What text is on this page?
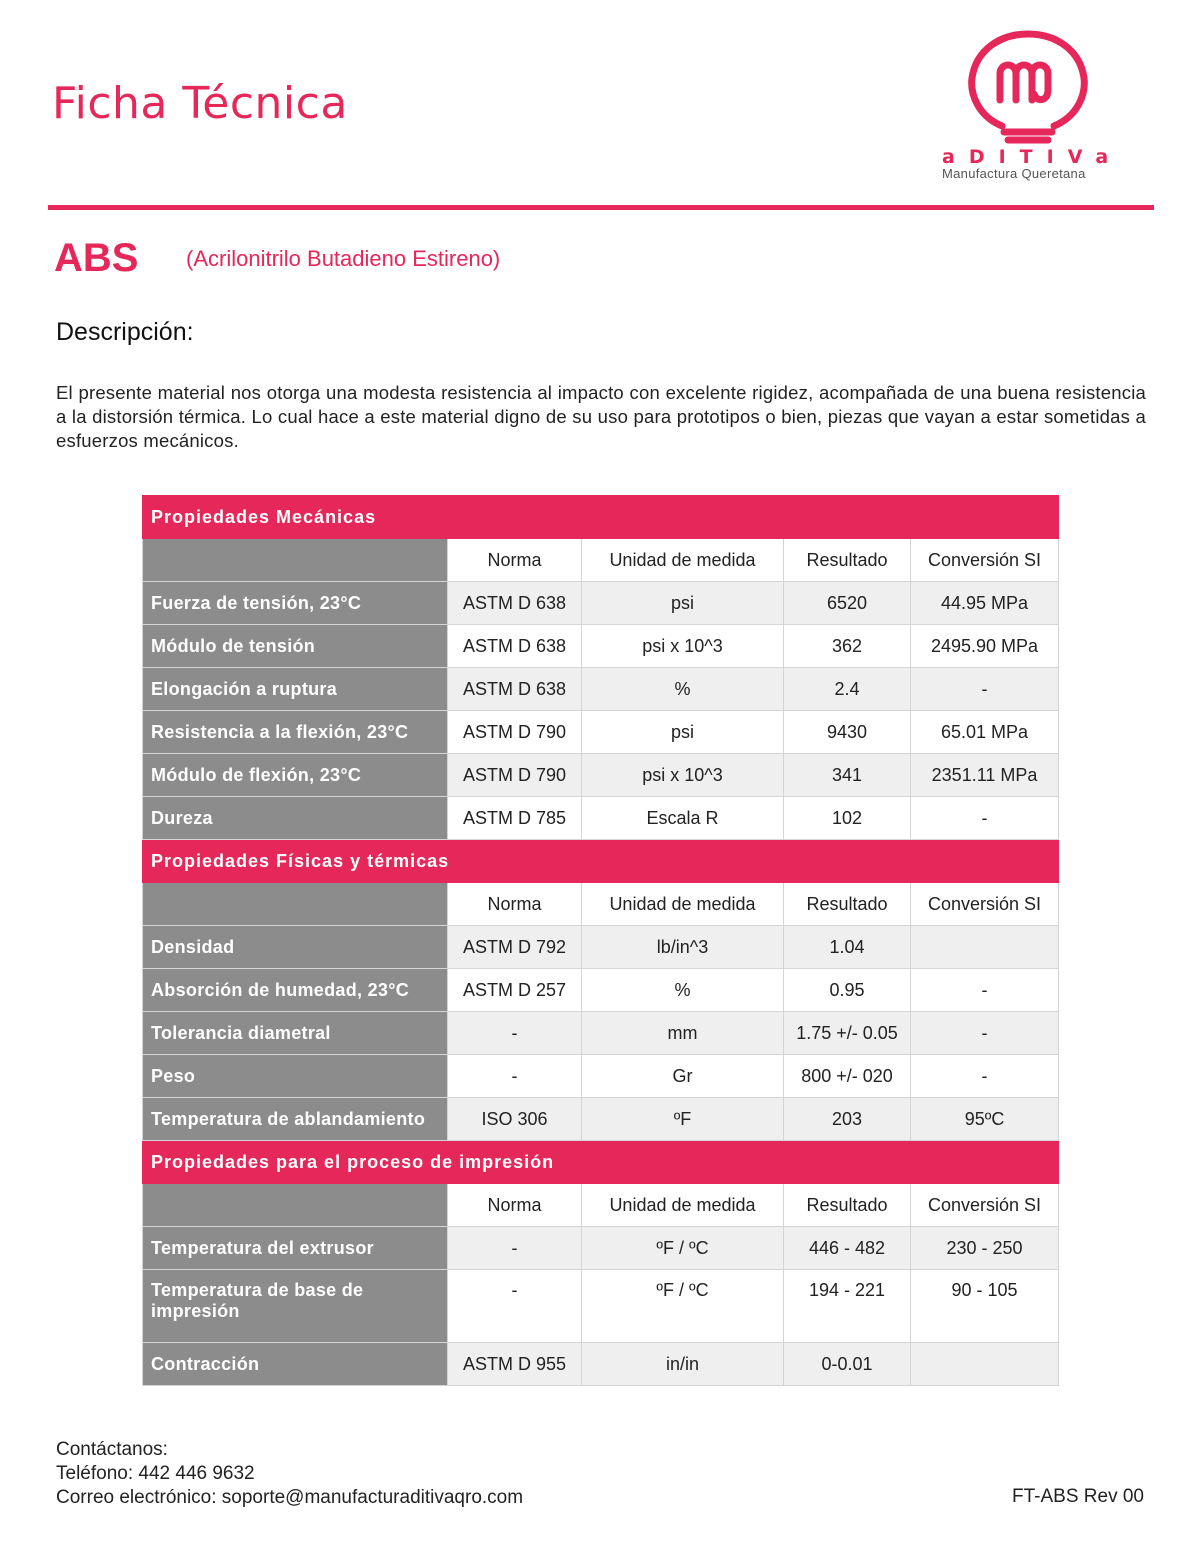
Ficha Técnica
aDITIVa
Manufactura Queretana
ABS (Acrilonitrilo Butadieno Estireno)
Descripción:
El presente material nos otorga una modesta resistencia al impacto con excelente rigidez, acompañada de una buena resistencia a la distorsión térmica. Lo cual hace a este material digno de su uso para prototipos o bien, piezas que vayan a estar sometidas a esfuerzos mecánicos.
Propiedades Mecánicas				
	Norma	Unidad de medida	Resultado	Conversión SI
Fuerza de tensión, 23°C	ASTM D 638	psi	6520	44.95 MPa
Módulo de tensión	ASTM D 638	psi x 10^3	362	2495.90 MPa
Elongación a ruptura	ASTM D 638	%	2.4	-
Resistencia a la flexión, 23°C	ASTM D 790	psi	9430	65.01 MPa
Módulo de flexión, 23°C	ASTM D 790	psi x 10^3	341	2351.11 MPa
Dureza	ASTM D 785	Escala R	102	-
Propiedades Físicas y térmicas				
	Norma	Unidad de medida	Resultado	Conversión SI
Densidad	ASTM D 792	lb/in^3	1.04	
Absorción de humedad, 23°C	ASTM D 257	%	0.95	-
Tolerancia diametral	-	mm	1.75 +/- 0.05	-
Peso	-	Gr	800 +/- 020	-
Temperatura de ablandamiento	ISO 306	ºF	203	95ºC
Propiedades para el proceso de impresión				
	Norma	Unidad de medida	Resultado	Conversión SI
Temperatura del extrusor	-	ºF / ºC	446 - 482	230 - 250
Temperatura de base de impresión	-	ºF / ºC	194 - 221	90 - 105
Contracción	ASTM D 955	in/in	0-0.01	
Contáctanos:
Teléfono: 442 446 9632
Correo electrónico: soporte@manufacturaditivaqro.com	FT-ABS Rev 00
